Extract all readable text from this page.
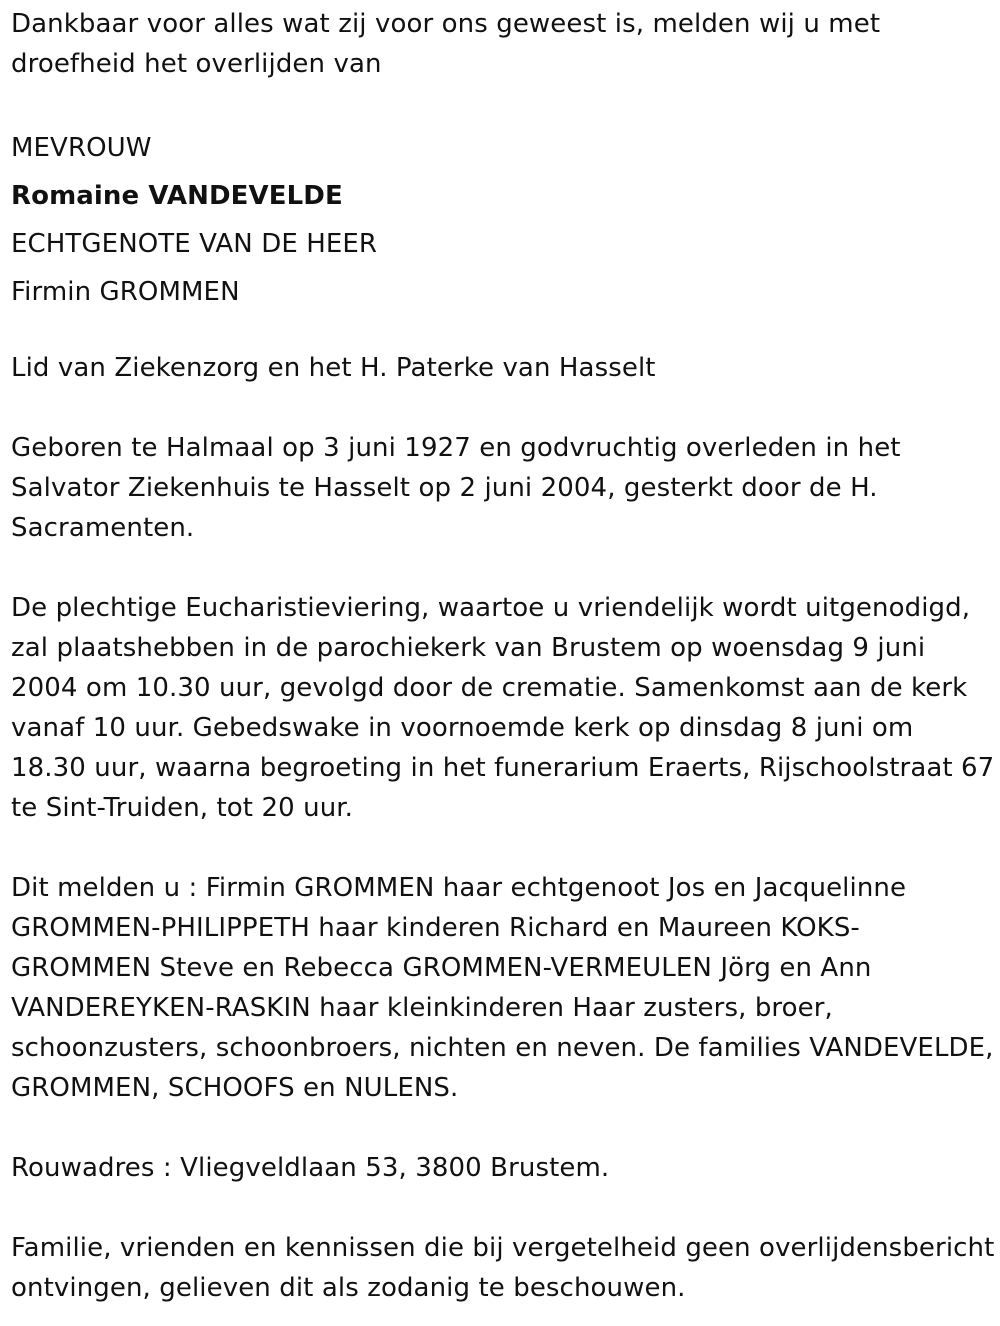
Dankbaar voor alles wat zij voor ons geweest is, melden wij u met droefheid het overlijden van

MEVROUW
Romaine VANDEVELDE
ECHTGENOTE VAN DE HEER
Firmin GROMMEN

Lid van Ziekenzorg en het H. Paterke van Hasselt

Geboren te Halmaal op 3 juni 1927 en godvruchtig overleden in het Salvator Ziekenhuis te Hasselt op 2 juni 2004, gesterkt door de H. Sacramenten.

De plechtige Eucharistieviering, waartoe u vriendelijk wordt uitgenodigd, zal plaatshebben in de parochiekerk van Brustem op woensdag 9 juni 2004 om 10.30 uur, gevolgd door de crematie. Samenkomst aan de kerk vanaf 10 uur. Gebedswake in voornoemde kerk op dinsdag 8 juni om 18.30 uur, waarna begroeting in het funerarium Eraerts, Rijschoolstraat 67 te Sint-Truiden, tot 20 uur.

Dit melden u : Firmin GROMMEN haar echtgenoot Jos en Jacquelinne GROMMEN-PHILIPPETH haar kinderen Richard en Maureen KOKS-GROMMEN Steve en Rebecca GROMMEN-VERMEULEN Jörg en Ann VANDEREYKEN-RASKIN haar kleinkinderen Haar zusters, broer, schoonzusters, schoonbroers, nichten en neven. De families VANDEVELDE, GROMMEN, SCHOOFS en NULENS.

Rouwadres : Vliegveldlaan 53, 3800 Brustem.

Familie, vrienden en kennissen die bij vergetelheid geen overlijdensbericht ontvingen, gelieven dit als zodanig te beschouwen.
